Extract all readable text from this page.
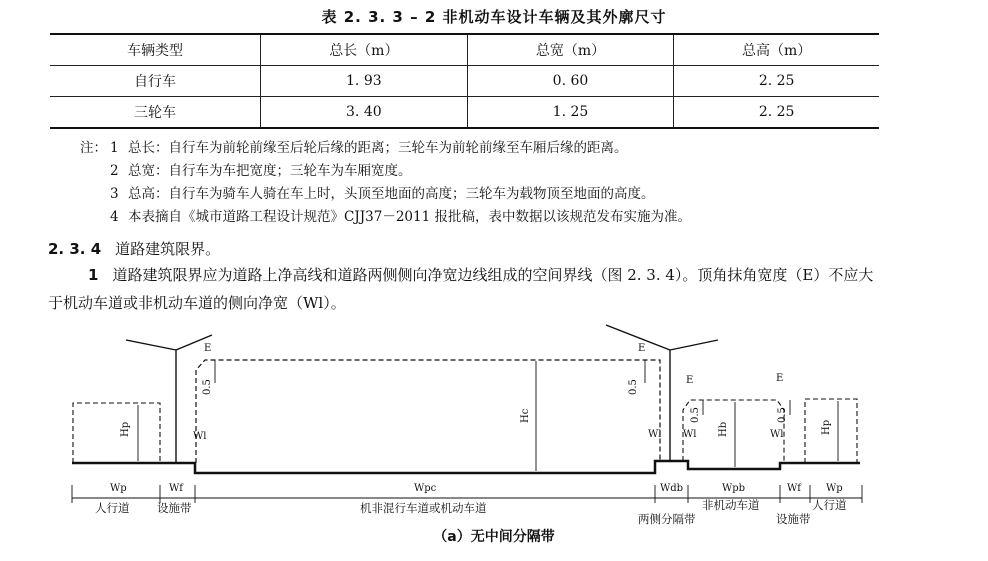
表 2. 3. 3 – 2 非机动车设计车辆及其外廓尺寸
车辆类型	总长（m）	总宽（m）	总高（m）
自行车	1. 93	0. 60	2. 25
三轮车	3. 40	1. 25	2. 25
注： 1 总长：自行车为前轮前缘至后轮后缘的距离；三轮车为前轮前缘至车厢后缘的距离。
2 总宽：自行车为车把宽度；三轮车为车厢宽度。
3 总高：自行车为骑车人骑在车上时，头顶至地面的高度；三轮车为载物顶至地面的高度。
4 本表摘自《城市道路工程设计规范》CJJ37－2011 报批稿，表中数据以该规范发布实施为准。
2. 3. 4 道路建筑限界。
1 道路建筑限界应为道路上净高线和道路两侧侧向净宽边线组成的空间界线（图 2. 3. 4）。顶角抹角宽度（E）不应大于机动车道或非机动车道的侧向净宽（Wl）。
Hp
Hc
Hb	Hp
0.5	0.5
0.5	0.5
E	E
E	E
Wl	Wl Wl	Wl
Wp	Wf	Wpc	Wdb	Wpb	Wf	Wp
人行道 设施带	机非混行车道或机动车道
两侧分隔带
非机动车道
设施带
人行道
（a）无中间分隔带
